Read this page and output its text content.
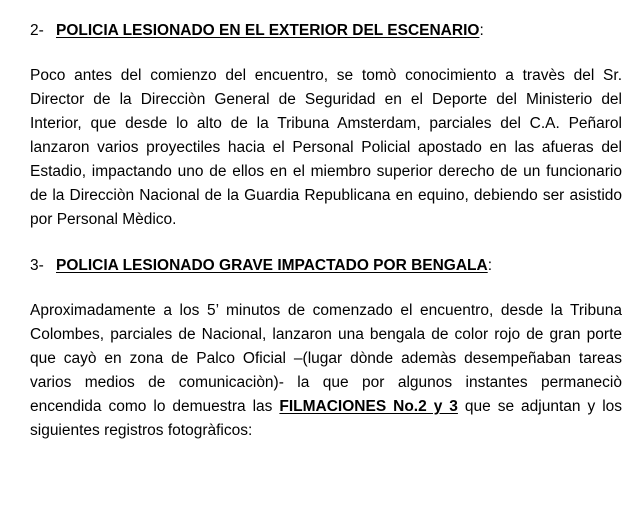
2- POLICIA LESIONADO EN EL EXTERIOR DEL ESCENARIO:

Poco antes del comienzo del encuentro, se tomò conocimiento a travès del Sr.
Director de la Direcciòn General de Seguridad en el Deporte del Ministerio del
Interior, que desde lo alto de la Tribuna Amsterdam, parciales del C.A. Peñarol
lanzaron varios proyectiles hacia el Personal Policial apostado en las afueras del
Estadio, impactando uno de ellos en el miembro superior derecho de un funcionario
de la Direcciòn Nacional de la Guardia Republicana en equino, debiendo ser asistido
por Personal Mèdico.

3- POLICIA LESIONADO GRAVE IMPACTADO POR BENGALA:

Aproximadamente a los 5’ minutos de comenzado el encuentro, desde la Tribuna
Colombes, parciales de Nacional, lanzaron una bengala de color rojo de gran porte
que cayò en zona de Palco Oficial –(lugar dònde ademàs desempeñaban tareas
varios medios de comunicaciòn)- la que por algunos instantes permaneciò
encendida como lo demuestra las FILMACIONES No.2 y 3 que se adjuntan y los
siguientes registros fotogràficos:
